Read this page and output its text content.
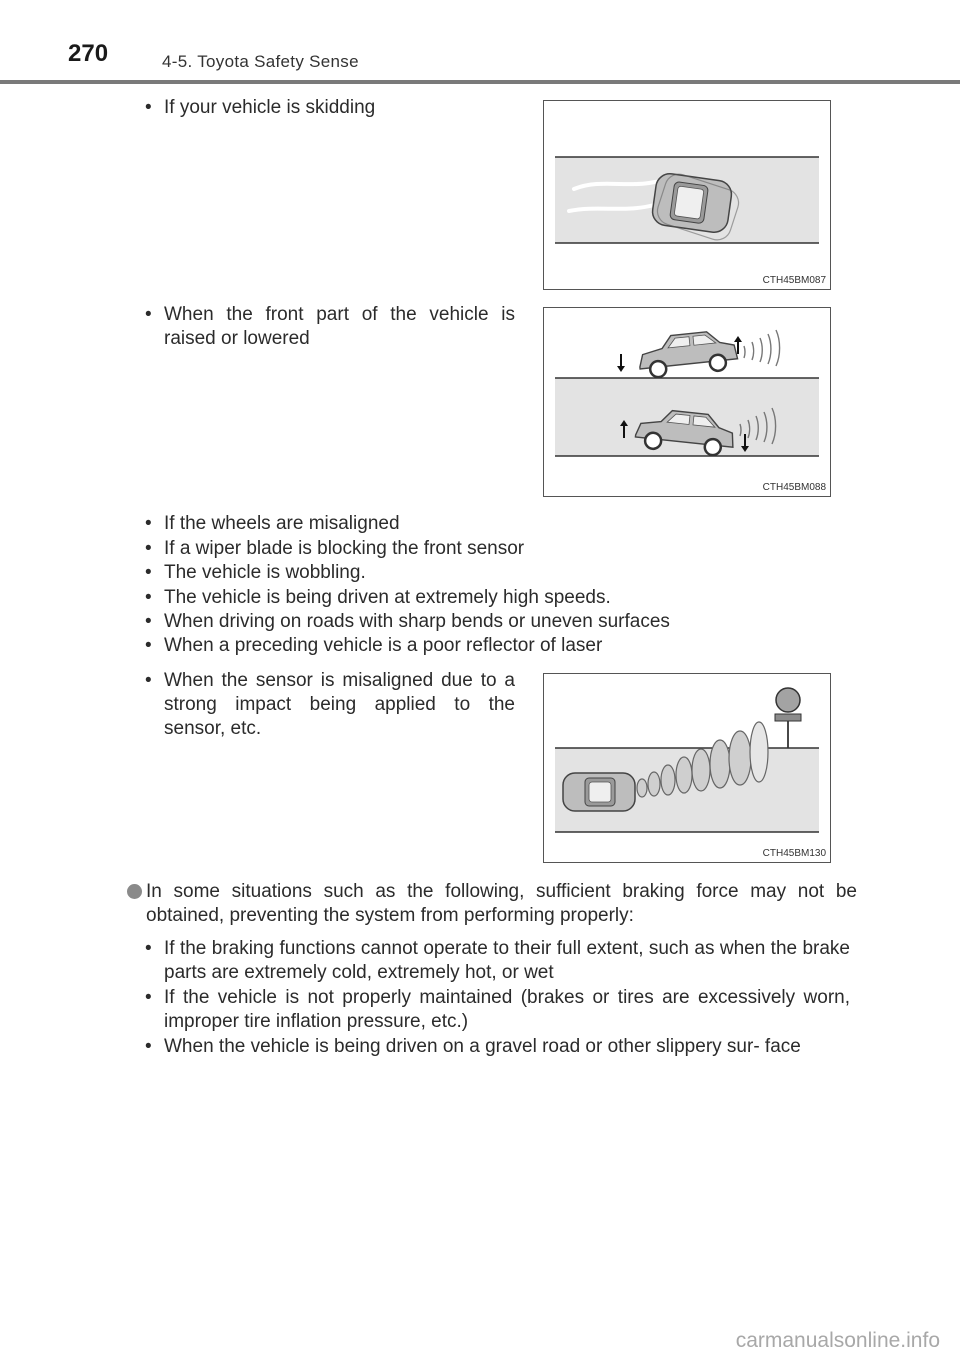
270	4-5. Toyota Safety Sense
• If your vehicle is skidding
CTH45BM087
• When the front part of the vehicle is raised or lowered
CTH45BM088
• If the wheels are misaligned
• If a wiper blade is blocking the front sensor
• The vehicle is wobbling.
• The vehicle is being driven at extremely high speeds.
• When driving on roads with sharp bends or uneven surfaces
• When a preceding vehicle is a poor reflector of laser
• When the sensor is misaligned due to a strong impact being applied to the sensor, etc.
CTH45BM130
In some situations such as the following, sufficient braking force may not be obtained, preventing the system from performing properly:
• If the braking functions cannot operate to their full extent, such as when the brake parts are extremely cold, extremely hot, or wet
• If the vehicle is not properly maintained (brakes or tires are excessively worn, improper tire inflation pressure, etc.)
• When the vehicle is being driven on a gravel road or other slippery sur- face
carmanualsonline.info
